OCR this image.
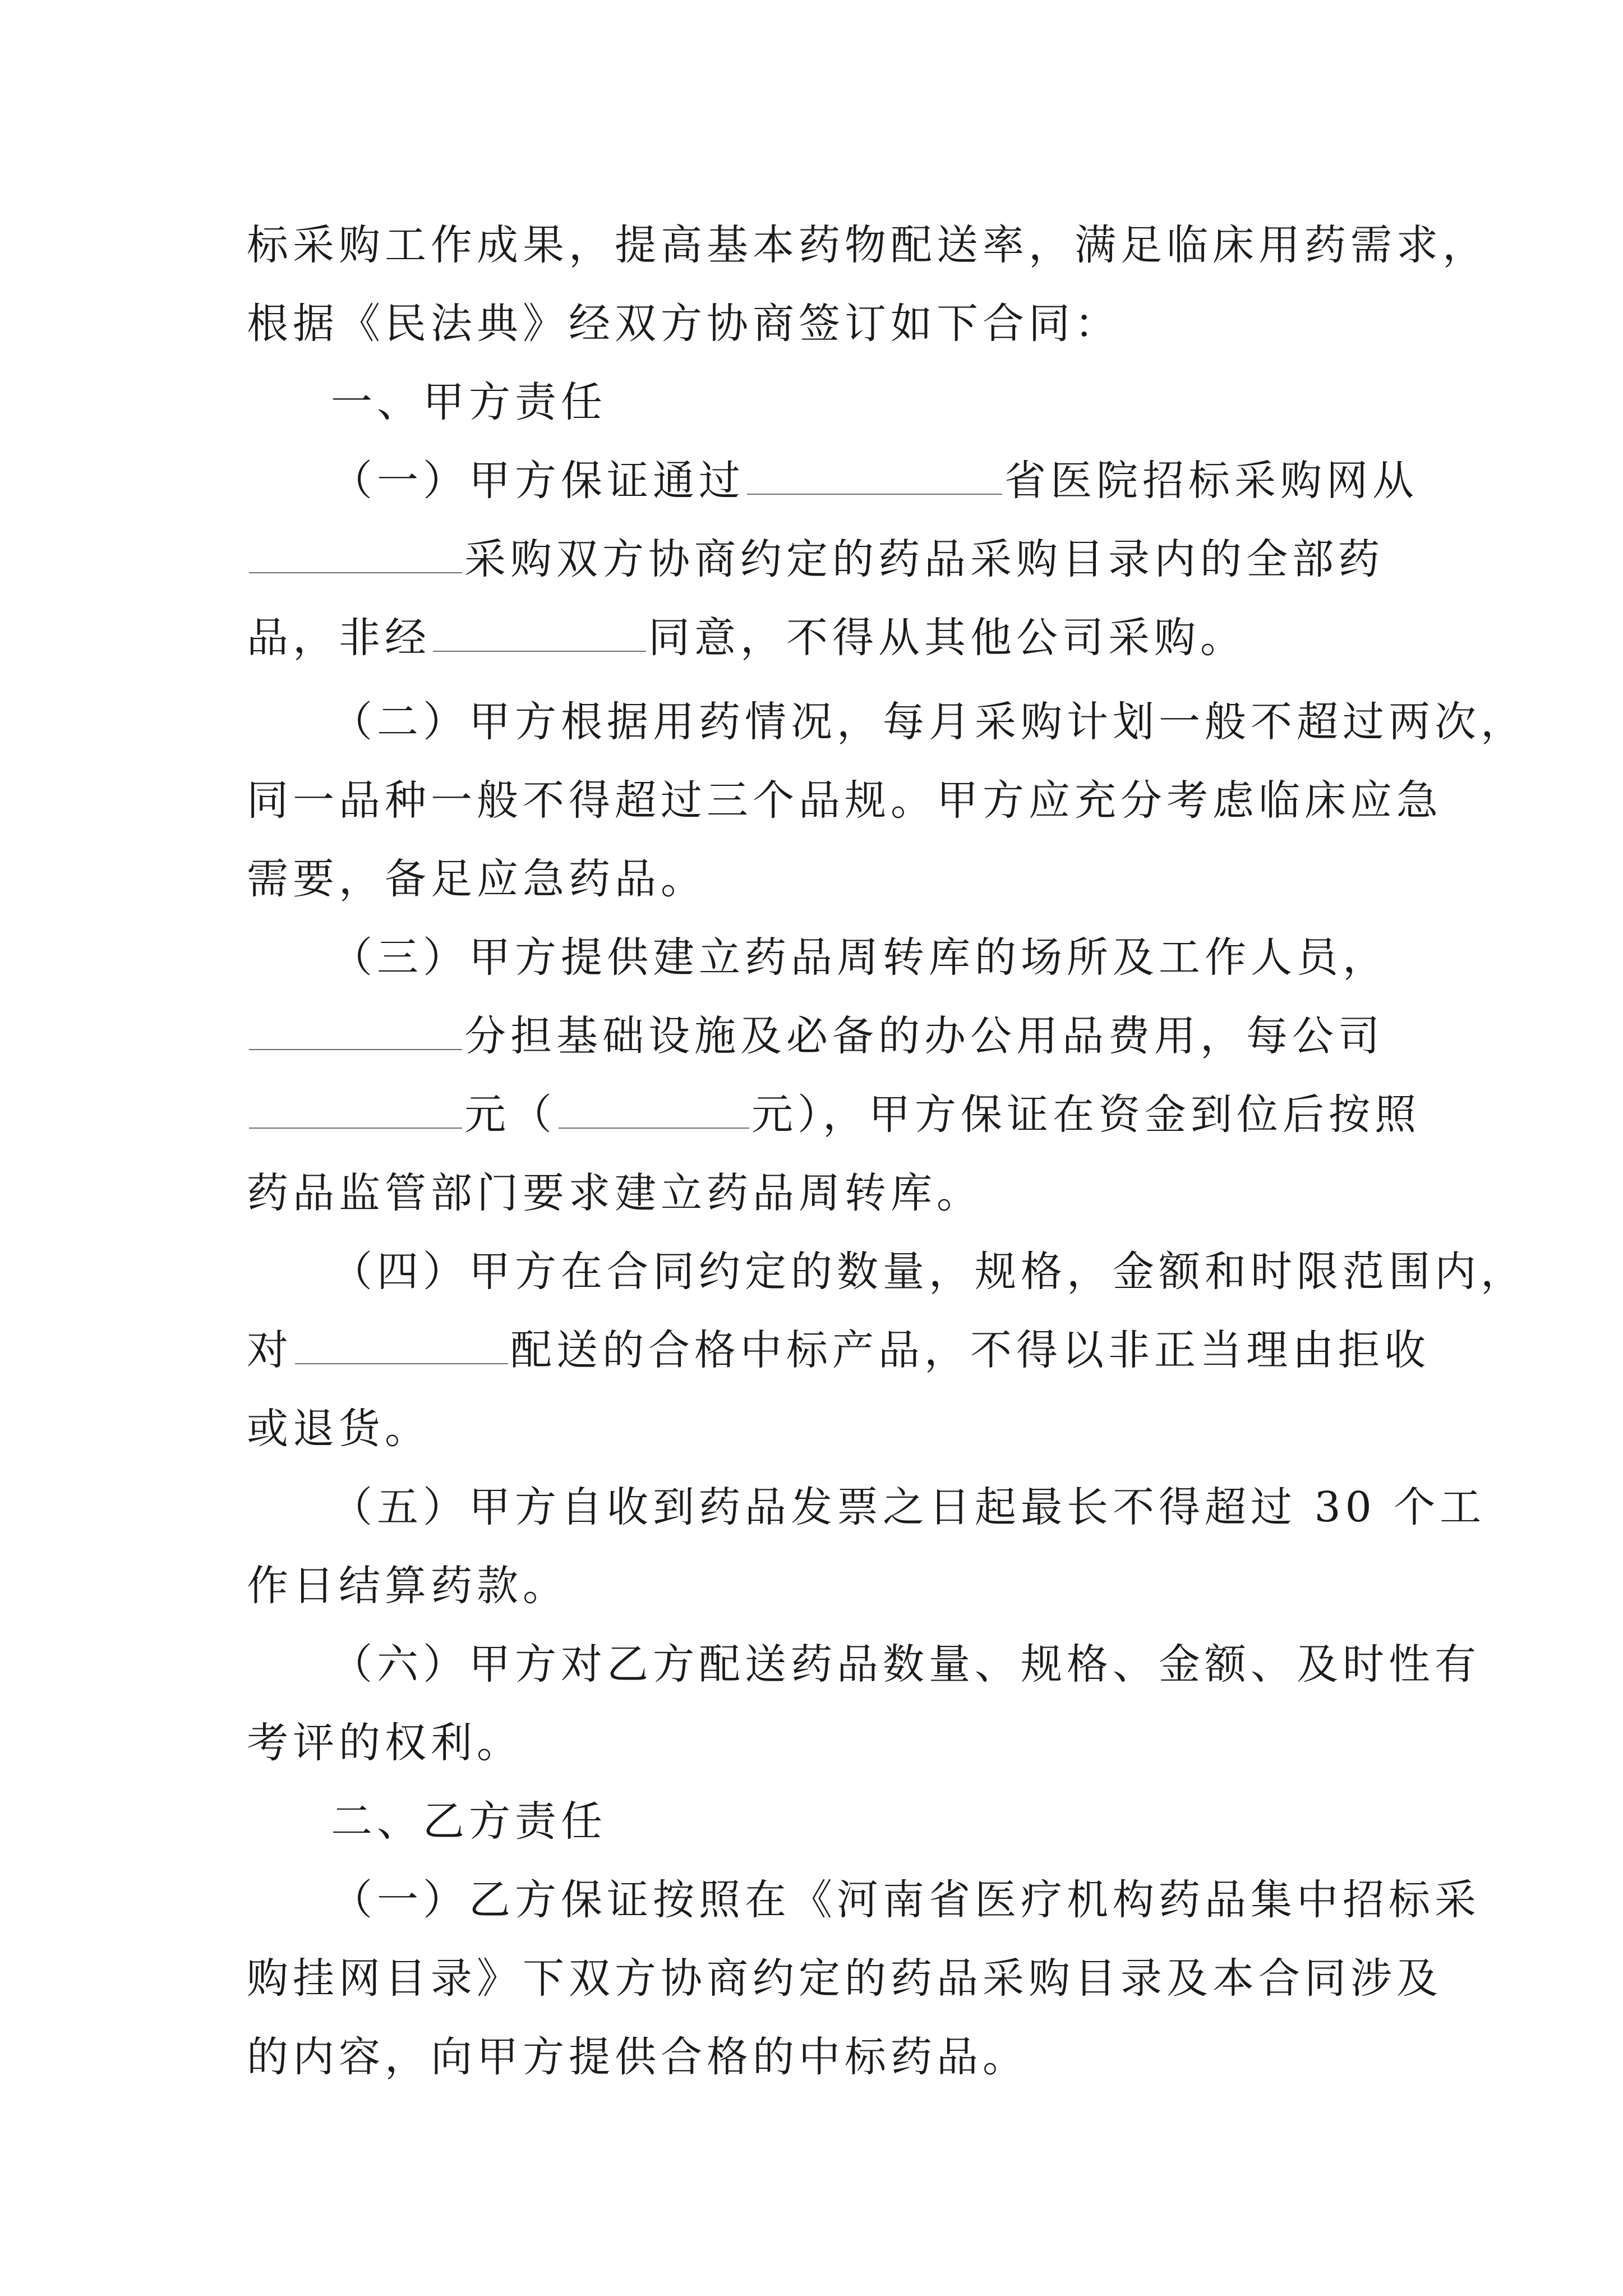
标采购工作成果，提高基本药物配送率，满足临床用药需求，
根据《民法典》经双方协商签订如下合同：
一、甲方责任
（一）甲方保证通过	省医院招标采购网从
采购双方协商约定的药品采购目录内的全部药
品，非经	同意，不得从其他公司采购。
（二）甲方根据用药情况，每月采购计划一般不超过两次，
同一品种一般不得超过三个品规。甲方应充分考虑临床应急
需要，备足应急药品。
（三）甲方提供建立药品周转库的场所及工作人员，
分担基础设施及必备的办公用品费用，每公司
元（	元），甲方保证在资金到位后按照
药品监管部门要求建立药品周转库。
（四）甲方在合同约定的数量，规格，金额和时限范围内，
对	配送的合格中标产品，不得以非正当理由拒收
或退货。
（五）甲方自收到药品发票之日起最长不得超过 30 个工
作日结算药款。
（六）甲方对乙方配送药品数量、规格、金额、及时性有
考评的权利。
二、乙方责任
（一）乙方保证按照在《河南省医疗机构药品集中招标采
购挂网目录》下双方协商约定的药品采购目录及本合同涉及
的内容，向甲方提供合格的中标药品。
